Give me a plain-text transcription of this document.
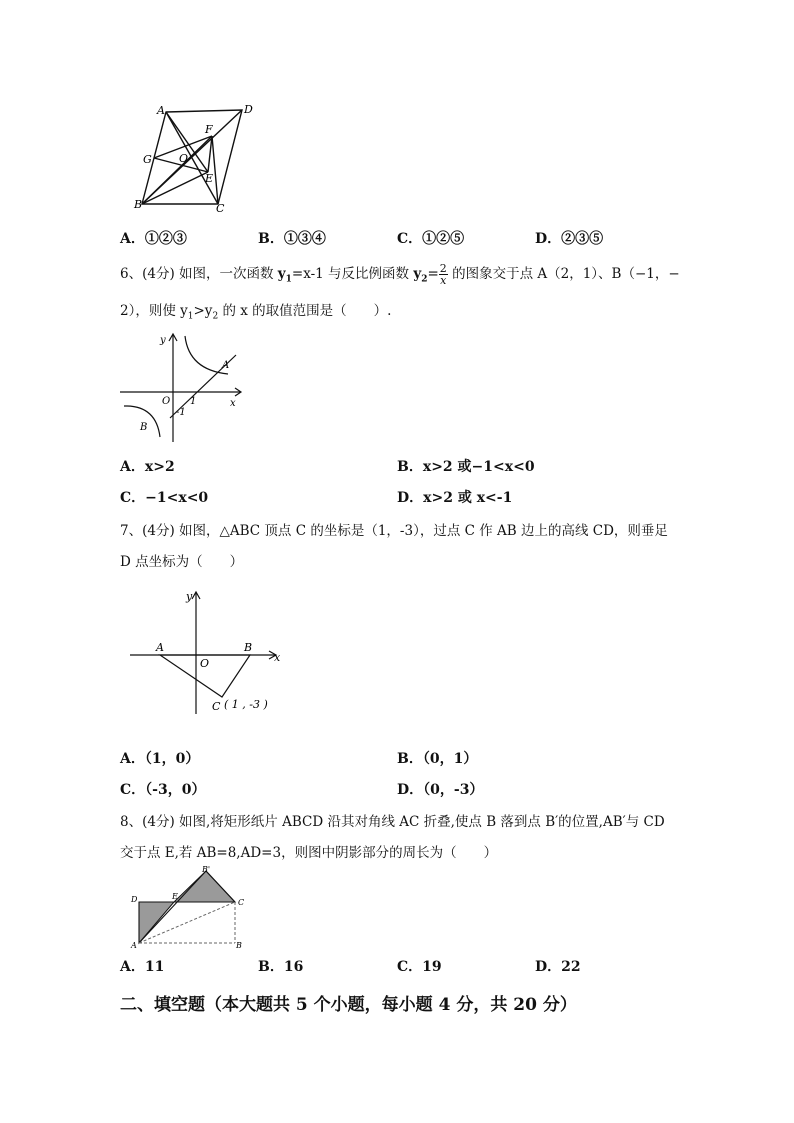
A	D
F
G O
E
B	C
A．①②③	B．①③④	C．①②⑤	D．②③⑤
6、(4分) 如图，一次函数 $y_1=x-1$ 与反比例函数 $y_2= \frac{2}{x}$ 的图象交于点 A（2，1）、B（−1，−
2），则使 $y_1>y_2$ 的 x 的取值范围是（　　）.
y
x
O 1
-1
A
B
A．x>2	B．x>2 或−1<x<0
C．−1<x<0	D．x>2 或 x<-1
7、(4分) 如图，△ABC 顶点 C 的坐标是（1，-3），过点 C 作 AB 边上的高线 CD，则垂足
D 点坐标为（　　）
y
x
O
A	B
C ( 1 , -3 )
A．（1，0）	B．（0，1）
C．（-3，0）	D．（0，-3）
8、(4分) 如图,将矩形纸片 ABCD 沿其对角线 AC 折叠,使点 B 落到点 B′的位置,AB′与 CD
交于点 E,若 AB=8,AD=3，则图中阴影部分的周长为（　　）
B'
D	E
C
A	B
A．11	B．16	C．19	D．22
二、填空题（本大题共 5 个小题，每小题 4 分，共 20 分）
